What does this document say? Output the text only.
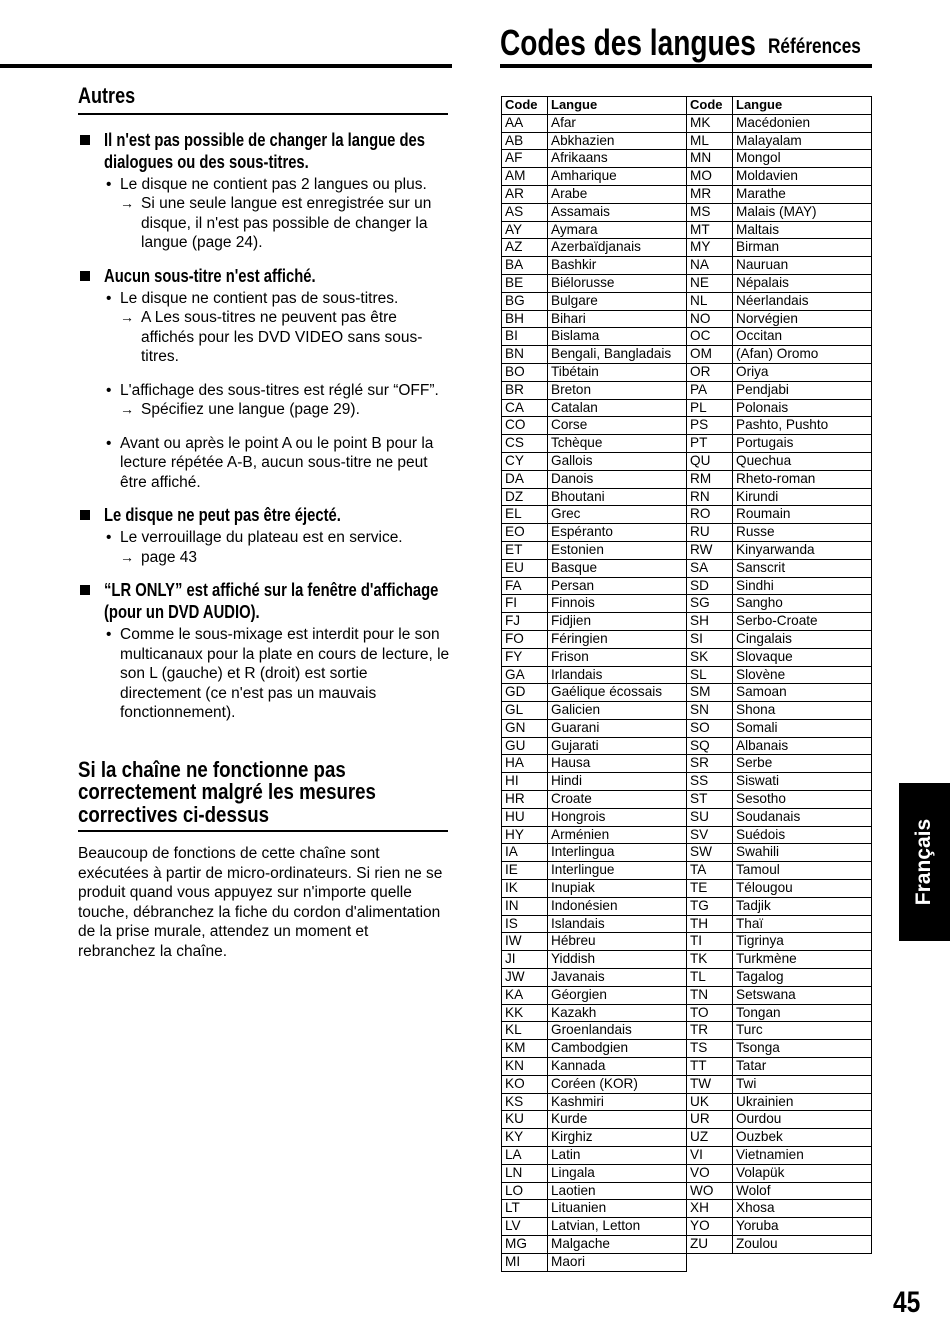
Codes des langues Références
Autres
Il n'est pas possible de changer la langue des dialogues ou des sous-titres.
• Le disque ne contient pas 2 langues ou plus.
→ Si une seule langue est enregistrée sur un disque, il n'est pas possible de changer la langue (page 24).
Aucun sous-titre n'est affiché.
• Le disque ne contient pas de sous-titres.
→ A Les sous-titres ne peuvent pas être affichés pour les DVD VIDEO sans sous-titres.
• L'affichage des sous-titres est réglé sur “OFF”.
→ Spécifiez une langue (page 29).
• Avant ou après le point A ou le point B pour la lecture répétée A-B, aucun sous-titre ne peut être affiché.
Le disque ne peut pas être éjecté.
• Le verrouillage du plateau est en service.
→ page 43
“LR ONLY” est affiché sur la fenêtre d'affichage (pour un DVD AUDIO).
• Comme le sous-mixage est interdit pour le son multicanaux pour la plate en cours de lecture, le son L (gauche) et R (droit) est sortie directement (ce n'est pas un mauvais fonctionnement).
Si la chaîne ne fonctionne pas correctement malgré les mesures correctives ci-dessus
Beaucoup de fonctions de cette chaîne sont exécutées à partir de micro-ordinateurs. Si rien ne se produit quand vous appuyez sur n'importe quelle touche, débranchez la fiche du cordon d'alimentation de la prise murale, attendez un moment et rebranchez la chaîne.
Code	Langue	Code	Langue
AA	Afar	MK	Macédonien
AB	Abkhazien	ML	Malayalam
AF	Afrikaans	MN	Mongol
AM	Amharique	MO	Moldavien
AR	Arabe	MR	Marathe
AS	Assamais	MS	Malais (MAY)
AY	Aymara	MT	Maltais
AZ	Azerbaïdjanais	MY	Birman
BA	Bashkir	NA	Nauruan
BE	Biélorusse	NE	Népalais
BG	Bulgare	NL	Néerlandais
BH	Bihari	NO	Norvégien
BI	Bislama	OC	Occitan
BN	Bengali, Bangladais	OM	(Afan) Oromo
BO	Tibétain	OR	Oriya
BR	Breton	PA	Pendjabi
CA	Catalan	PL	Polonais
CO	Corse	PS	Pashto, Pushto
CS	Tchèque	PT	Portugais
CY	Gallois	QU	Quechua
DA	Danois	RM	Rheto-roman
DZ	Bhoutani	RN	Kirundi
EL	Grec	RO	Roumain
EO	Espéranto	RU	Russe
ET	Estonien	RW	Kinyarwanda
EU	Basque	SA	Sanscrit
FA	Persan	SD	Sindhi
FI	Finnois	SG	Sangho
FJ	Fidjien	SH	Serbo-Croate
FO	Féringien	SI	Cingalais
FY	Frison	SK	Slovaque
GA	Irlandais	SL	Slovène
GD	Gaélique écossais	SM	Samoan
GL	Galicien	SN	Shona
GN	Guarani	SO	Somali
GU	Gujarati	SQ	Albanais
HA	Hausa	SR	Serbe
HI	Hindi	SS	Siswati
HR	Croate	ST	Sesotho
HU	Hongrois	SU	Soudanais
HY	Arménien	SV	Suédois
IA	Interlingua	SW	Swahili
IE	Interlingue	TA	Tamoul
IK	Inupiak	TE	Télougou
IN	Indonésien	TG	Tadjik
IS	Islandais	TH	Thaï
IW	Hébreu	TI	Tigrinya
JI	Yiddish	TK	Turkmène
JW	Javanais	TL	Tagalog
KA	Géorgien	TN	Setswana
KK	Kazakh	TO	Tongan
KL	Groenlandais	TR	Turc
KM	Cambodgien	TS	Tsonga
KN	Kannada	TT	Tatar
KO	Coréen (KOR)	TW	Twi
KS	Kashmiri	UK	Ukrainien
KU	Kurde	UR	Ourdou
KY	Kirghiz	UZ	Ouzbek
LA	Latin	VI	Vietnamien
LN	Lingala	VO	Volapük
LO	Laotien	WO	Wolof
LT	Lituanien	XH	Xhosa
LV	Latvian, Letton	YO	Yoruba
MG	Malgache	ZU	Zoulou
MI	Maori		
Français
45
